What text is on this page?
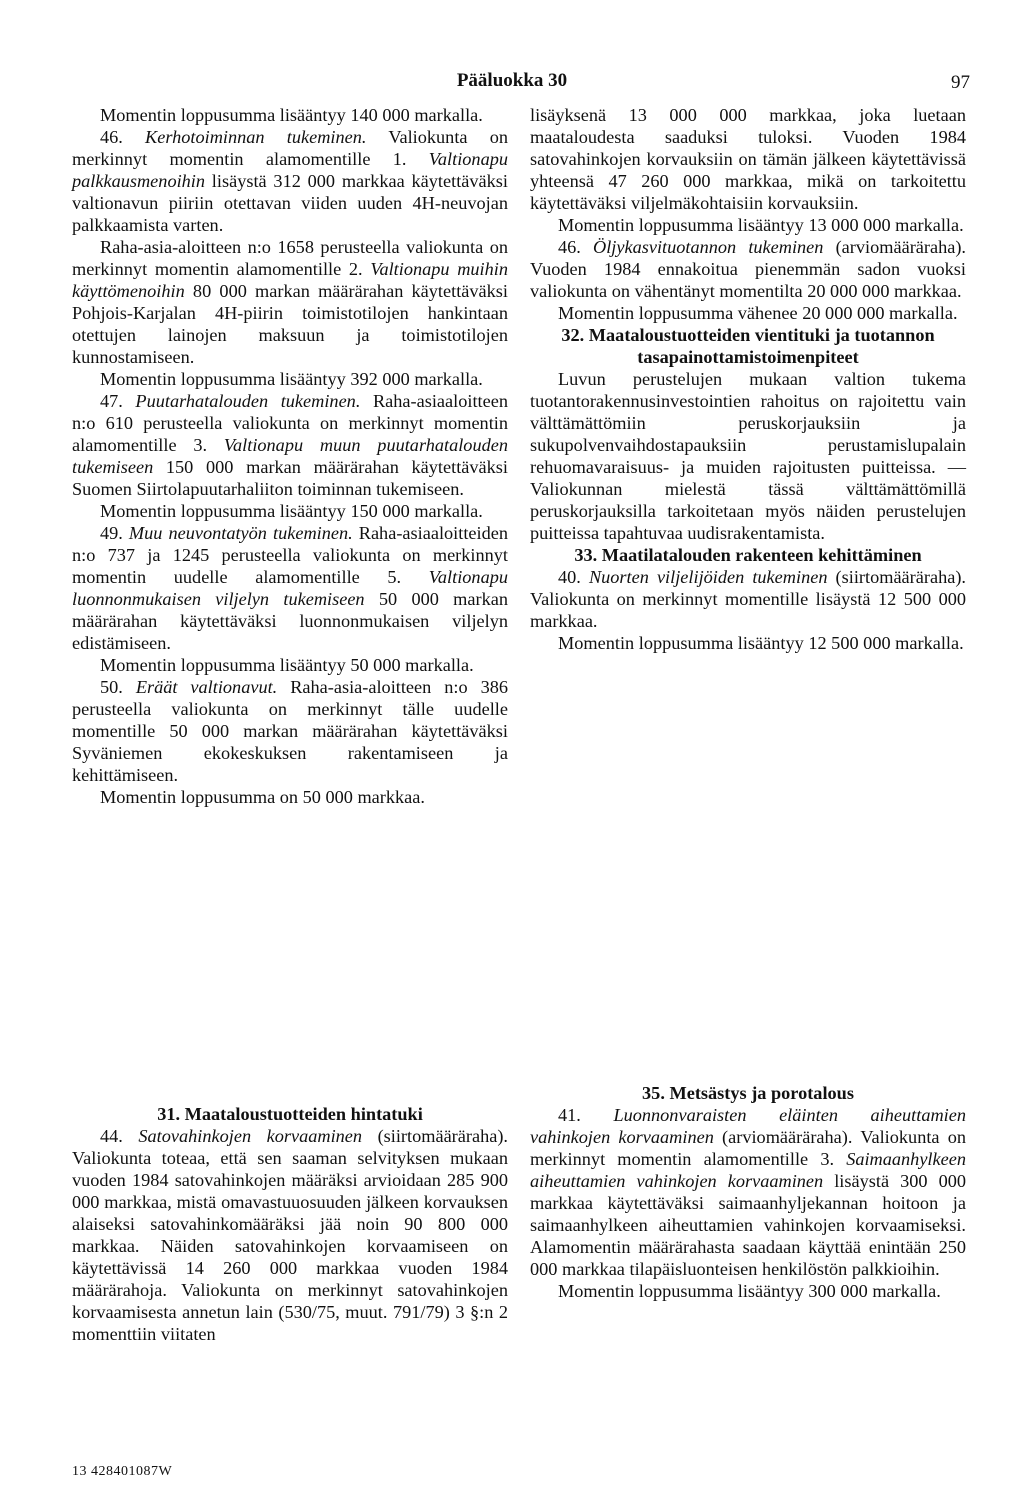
Pääluokka 30	97

Momentin loppusumma lisääntyy 140 000 markalla.

46. Kerhotoiminnan tukeminen. Valiokunta on merkinnyt momentin alamomentille 1. Valtionapu palkkausmenoihin lisäystä 312 000 markkaa käytettäväksi valtionavun piiriin otettavan viiden uuden 4H-neuvojan palkkaamista varten.

Raha-asia-aloitteen n:o 1658 perusteella valiokunta on merkinnyt momentin alamomentille 2. Valtionapu muihin käyttömenoihin 80 000 markan määrärahan käytettäväksi Pohjois-Karjalan 4H-piirin toimistotilojen hankintaan otettujen lainojen maksuun ja toimistotilojen kunnostamiseen.

Momentin loppusumma lisääntyy 392 000 markalla.

47. Puutarhatalouden tukeminen. Raha-asiaaloitteen n:o 610 perusteella valiokunta on merkinnyt momentin alamomentille 3. Valtionapu muun puutarhatalouden tukemiseen 150 000 markan määrärahan käytettäväksi Suomen Siirtolapuutarhaliiton toiminnan tukemiseen.

Momentin loppusumma lisääntyy 150 000 markalla.

49. Muu neuvontatyön tukeminen. Raha-asiaaloitteiden n:o 737 ja 1245 perusteella valiokunta on merkinnyt momentin uudelle alamomentille 5. Valtionapu luonnonmukaisen viljelyn tukemiseen 50 000 markan määrärahan käytettäväksi luonnonmukaisen viljelyn edistämiseen.

Momentin loppusumma lisääntyy 50 000 markalla.

50. Eräät valtionavut. Raha-asia-aloitteen n:o 386 perusteella valiokunta on merkinnyt tälle uudelle momentille 50 000 markan määrärahan käytettäväksi Syväniemen ekokeskuksen rakentamiseen ja kehittämiseen.

Momentin loppusumma on 50 000 markkaa.

lisäyksenä 13 000 000 markkaa, joka luetaan maataloudesta saaduksi tuloksi. Vuoden 1984 satovahinkojen korvauksiin on tämän jälkeen käytettävissä yhteensä 47 260 000 markkaa, mikä on tarkoitettu käytettäväksi viljelmäkohtaisiin korvauksiin.

Momentin loppusumma lisääntyy 13 000 000 markalla.

46. Öljykasvituotannon tukeminen (arviomääräraha). Vuoden 1984 ennakoitua pienemmän sadon vuoksi valiokunta on vähentänyt momentilta 20 000 000 markkaa.

Momentin loppusumma vähenee 20 000 000 markalla.

32. Maataloustuotteiden vientituki ja tuotannon tasapainottamistoimenpiteet

Luvun perustelujen mukaan valtion tukema tuotantorakennusinvestointien rahoitus on rajoitettu vain välttämättömiin peruskorjauksiin ja sukupolvenvaihdostapauksiin perustamislupalain rehuomavaraisuus- ja muiden rajoitusten puitteissa. — Valiokunnan mielestä tässä välttämättömillä peruskorjauksilla tarkoitetaan myös näiden perustelujen puitteissa tapahtuvaa uudisrakentamista.

33. Maatilatalouden rakenteen kehittäminen

40. Nuorten viljelijöiden tukeminen (siirtomääräraha). Valiokunta on merkinnyt momentille lisäystä 12 500 000 markkaa.

Momentin loppusumma lisääntyy 12 500 000 markalla.

31. Maataloustuotteiden hintatuki

44. Satovahinkojen korvaaminen (siirtomääräraha). Valiokunta toteaa, että sen saaman selvityksen mukaan vuoden 1984 satovahinkojen määräksi arvioidaan 285 900 000 markkaa, mistä omavastuuosuuden jälkeen korvauksen alaiseksi satovahinkomääräksi jää noin 90 800 000 markkaa. Näiden satovahinkojen korvaamiseen on käytettävissä 14 260 000 markkaa vuoden 1984 määrärahoja. Valiokunta on merkinnyt satovahinkojen korvaamisesta annetun lain (530/75, muut. 791/79) 3 §:n 2 momenttiin viitaten

35. Metsästys ja porotalous

41. Luonnonvaraisten eläinten aiheuttamien vahinkojen korvaaminen (arviomääräraha). Valiokunta on merkinnyt momentin alamomentille 3. Saimaanhylkeen aiheuttamien vahinkojen korvaaminen lisäystä 300 000 markkaa käytettäväksi saimaanhyljekannan hoitoon ja saimaanhylkeen aiheuttamien vahinkojen korvaamiseksi. Alamomentin määrärahasta saadaan käyttää enintään 250 000 markkaa tilapäisluonteisen henkilöstön palkkioihin.

Momentin loppusumma lisääntyy 300 000 markalla.

13 428401087W
